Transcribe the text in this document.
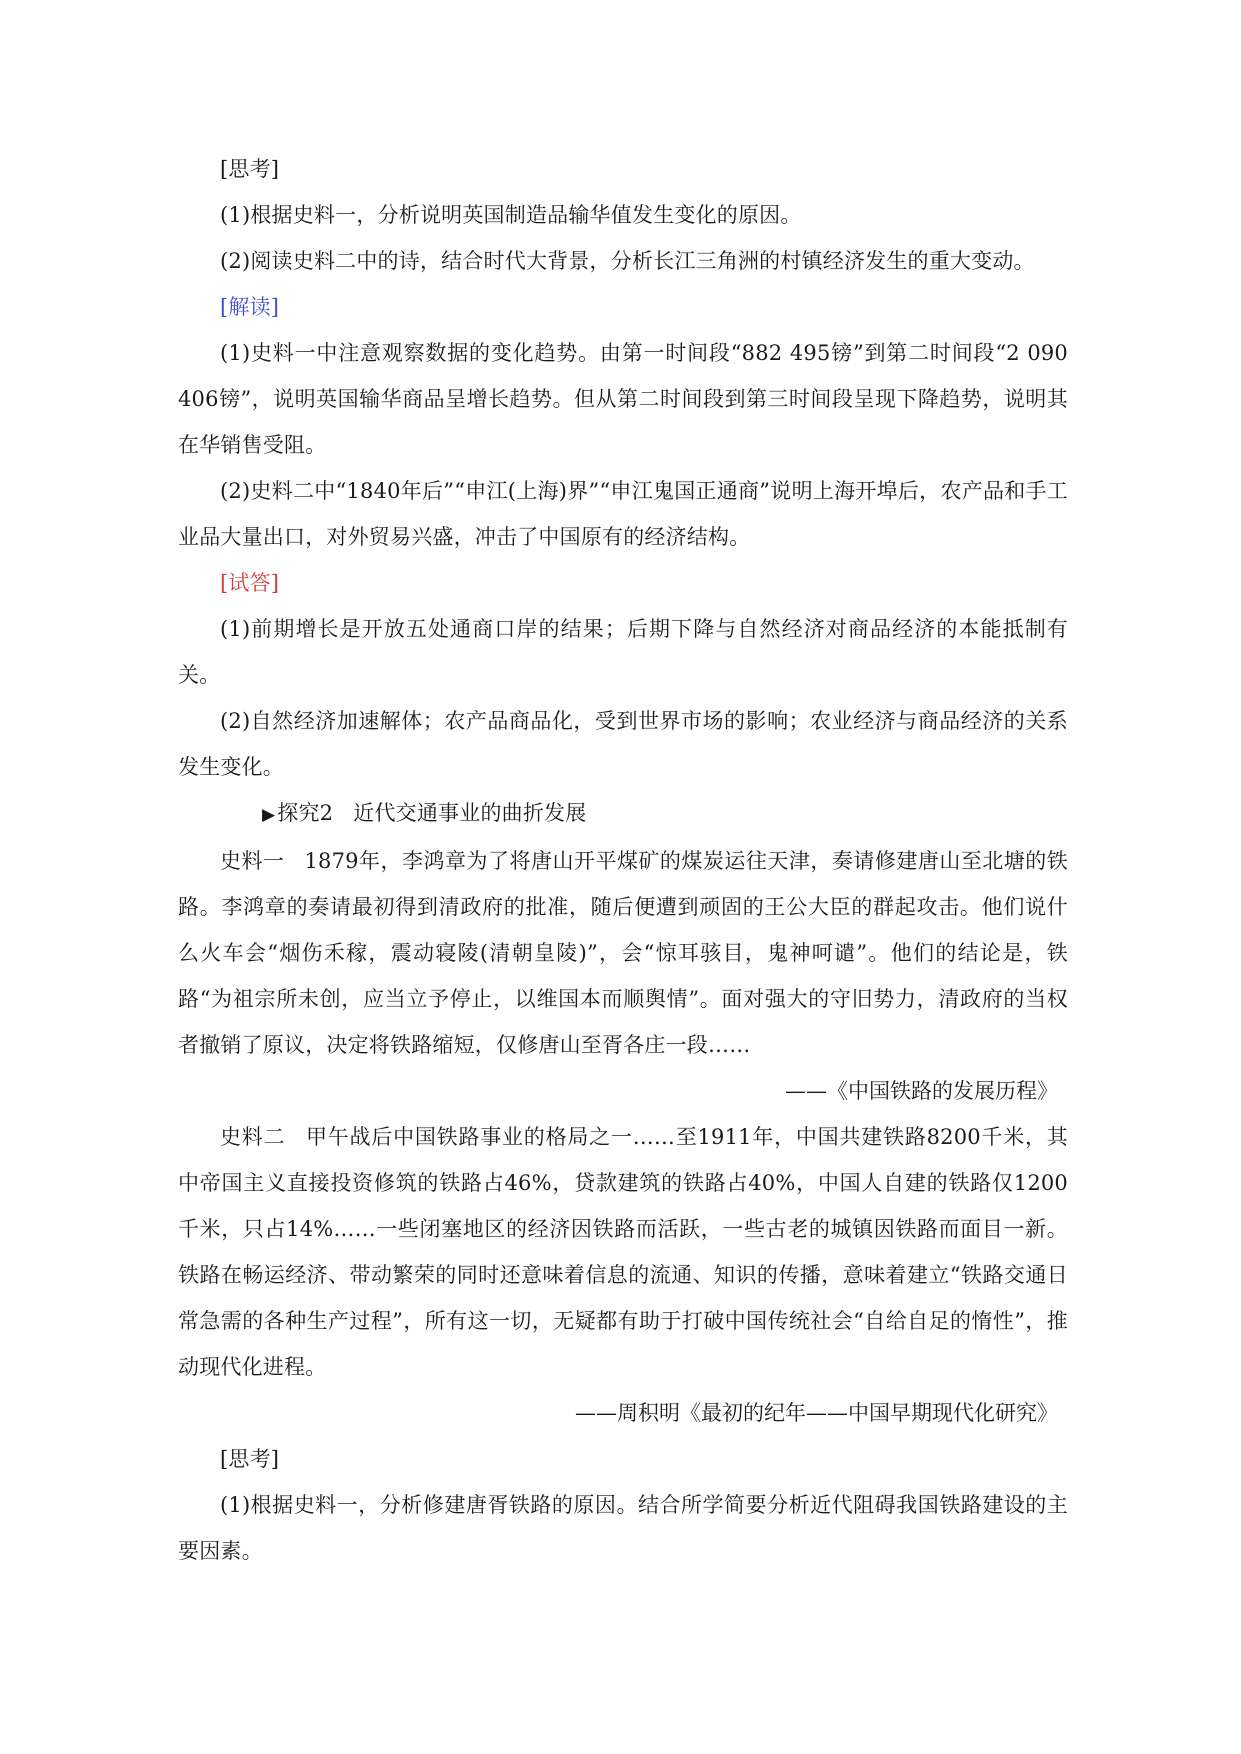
[思考]

(1)根据史料一，分析说明英国制造品输华值发生变化的原因。

(2)阅读史料二中的诗，结合时代大背景，分析长江三角洲的村镇经济发生的重大变动。

[解读]

(1)史料一中注意观察数据的变化趋势。由第一时间段“882 495镑”到第二时间段“2 090 406镑”，说明英国输华商品呈增长趋势。但从第二时间段到第三时间段呈现下降趋势，说明其在华销售受阻。

(2)史料二中“1840年后”“申江(上海)界”“申江鬼国正通商”说明上海开埠后，农产品和手工业品大量出口，对外贸易兴盛，冲击了中国原有的经济结构。

[试答]

(1)前期增长是开放五处通商口岸的结果；后期下降与自然经济对商品经济的本能抵制有关。

(2)自然经济加速解体；农产品商品化，受到世界市场的影响；农业经济与商品经济的关系发生变化。

▶探究2 近代交通事业的曲折发展

史料一 1879年，李鸿章为了将唐山开平煤矿的煤炭运往天津，奏请修建唐山至北塘的铁路。李鸿章的奏请最初得到清政府的批准，随后便遭到顽固的王公大臣的群起攻击。他们说什么火车会“烟伤禾稼，震动寝陵(清朝皇陵)”，会“惊耳骇目，鬼神呵谴”。他们的结论是，铁路“为祖宗所未创，应当立予停止，以维国本而顺舆情”。面对强大的守旧势力，清政府的当权者撤销了原议，决定将铁路缩短，仅修唐山至胥各庄一段……

——《中国铁路的发展历程》

史料二 甲午战后中国铁路事业的格局之一……至1911年，中国共建铁路8200千米，其中帝国主义直接投资修筑的铁路占46%，贷款建筑的铁路占40%，中国人自建的铁路仅1200千米，只占14%……一些闭塞地区的经济因铁路而活跃，一些古老的城镇因铁路而面目一新。铁路在畅运经济、带动繁荣的同时还意味着信息的流通、知识的传播，意味着建立“铁路交通日常急需的各种生产过程”，所有这一切，无疑都有助于打破中国传统社会“自给自足的惰性”，推动现代化进程。

——周积明《最初的纪年——中国早期现代化研究》

[思考]

(1)根据史料一，分析修建唐胥铁路的原因。结合所学简要分析近代阻碍我国铁路建设的主要因素。
